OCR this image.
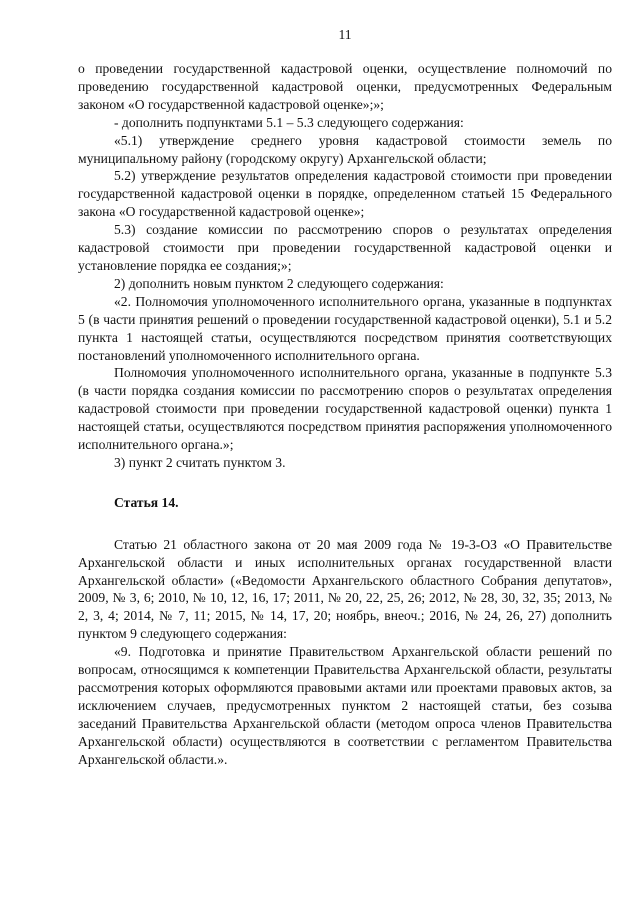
11

о проведении государственной кадастровой оценки, осуществление полномочий по проведению государственной кадастровой оценки, предусмотренных Федеральным законом «О государственной кадастровой оценке»;»;

- дополнить подпунктами 5.1 – 5.3 следующего содержания:

«5.1) утверждение среднего уровня кадастровой стоимости земель по муниципальному району (городскому округу) Архангельской области;

5.2) утверждение результатов определения кадастровой стоимости при проведении государственной кадастровой оценки в порядке, определенном статьей 15 Федерального закона «О государственной кадастровой оценке»;

5.3) создание комиссии по рассмотрению споров о результатах определения кадастровой стоимости при проведении государственной кадастровой оценки и установление порядка ее создания;»;

2) дополнить новым пунктом 2 следующего содержания:

«2. Полномочия уполномоченного исполнительного органа, указанные в подпунктах 5 (в части принятия решений о проведении государственной кадастровой оценки), 5.1 и 5.2 пункта 1 настоящей статьи, осуществляются посредством принятия соответствующих постановлений уполномоченного исполнительного органа.

Полномочия уполномоченного исполнительного органа, указанные в подпункте 5.3 (в части порядка создания комиссии по рассмотрению споров о результатах определения кадастровой стоимости при проведении государственной кадастровой оценки) пункта 1 настоящей статьи, осуществляются посредством принятия распоряжения уполномоченного исполнительного органа.»;

3) пункт 2 считать пунктом 3.

Статья 14.

Статью 21 областного закона от 20 мая 2009 года № 19-3-ОЗ «О Правительстве Архангельской области и иных исполнительных органах государственной власти Архангельской области» («Ведомости Архангельского областного Собрания депутатов», 2009, № 3, 6; 2010, № 10, 12, 16, 17; 2011, № 20, 22, 25, 26; 2012, № 28, 30, 32, 35; 2013, № 2, 3, 4; 2014, № 7, 11; 2015, № 14, 17, 20; ноябрь, внеоч.; 2016, № 24, 26, 27) дополнить пунктом 9 следующего содержания:

«9. Подготовка и принятие Правительством Архангельской области решений по вопросам, относящимся к компетенции Правительства Архангельской области, результаты рассмотрения которых оформляются правовыми актами или проектами правовых актов, за исключением случаев, предусмотренных пунктом 2 настоящей статьи, без созыва заседаний Правительства Архангельской области (методом опроса членов Правительства Архангельской области) осуществляются в соответствии с регламентом Правительства Архангельской области.».
